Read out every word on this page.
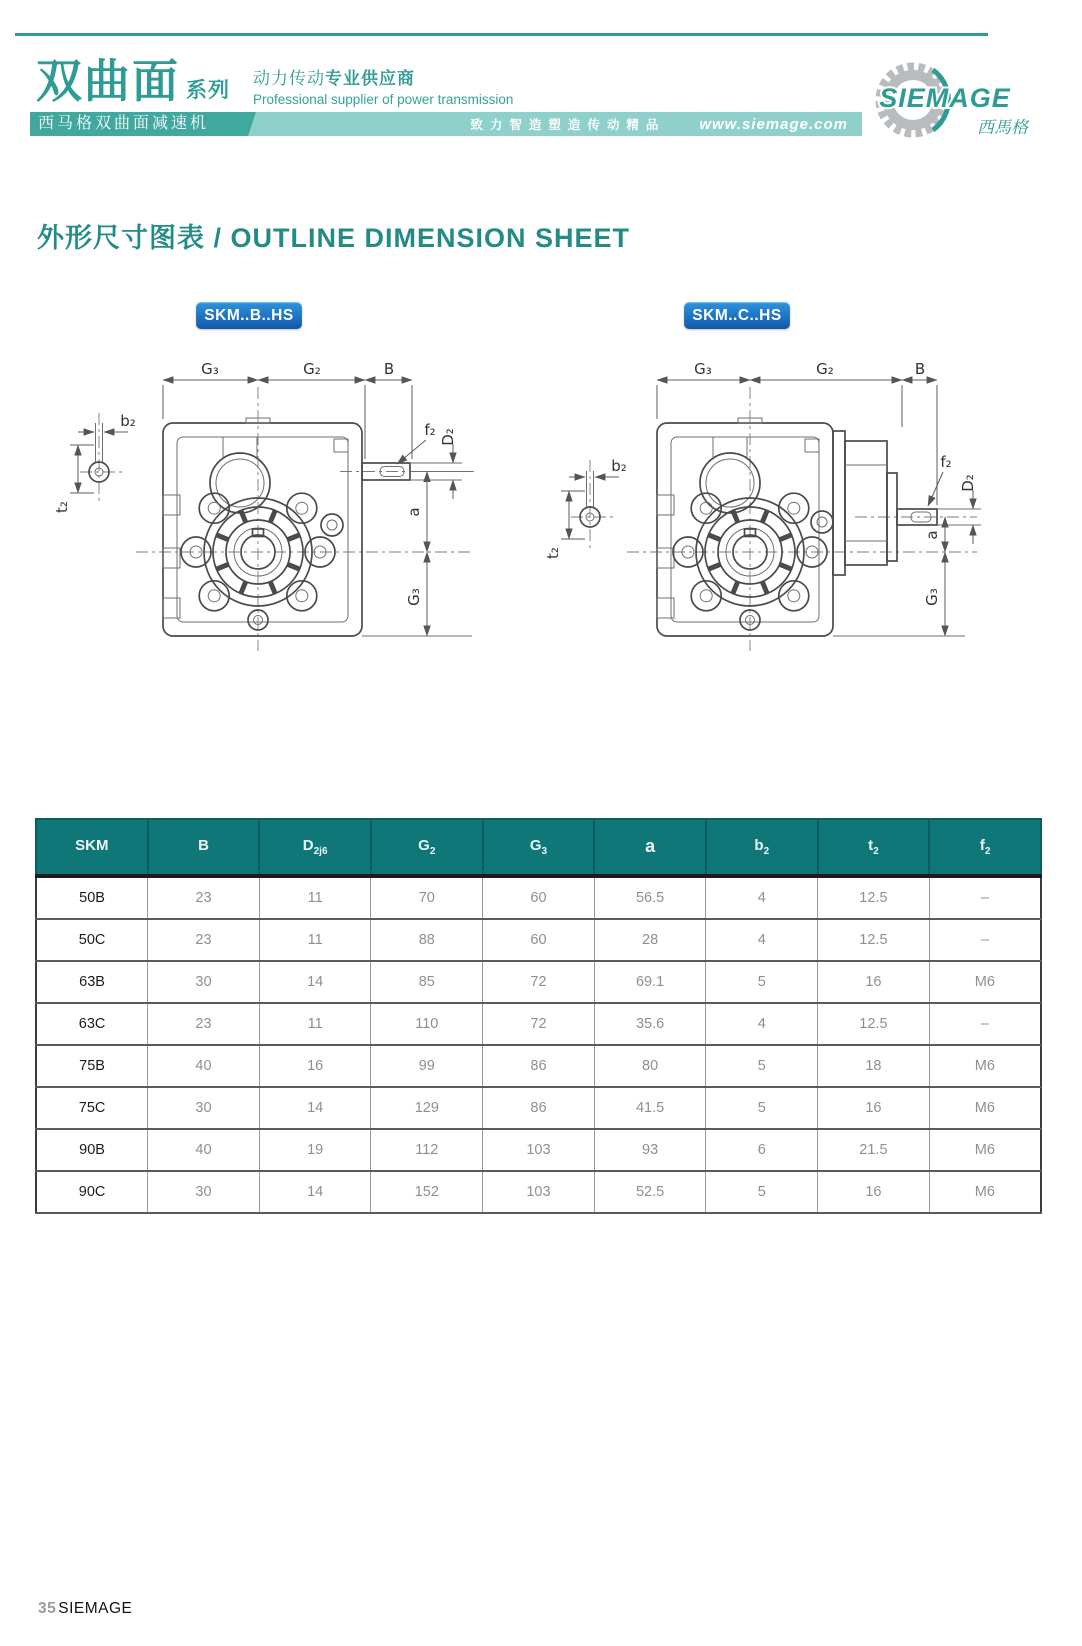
双曲面 系列
动力传动专业供应商
Professional supplier of power transmission
西马格双曲面减速机	致力智造塑造传动精品 www.siemage.com
SIEMAGE
西馬格
外形尺寸图表 / OUTLINE DIMENSION SHEET
SKM..B..HS	SKM..C..HS
G₃	G₂	B
b₂
t₂
f₂ D₂
a
G₃
G₃	G₂	B
b₂
t₂
f₂
D₂
a
G₃
SKM	B	$D_{2j6}$	$G_2$	$G_3$	a	$b_2$	$t_2$	$f_2$
50B	23	11	70	60	56.5	4	12.5	–
50C	23	11	88	60	28	4	12.5	–
63B	30	14	85	72	69.1	5	16	M6
63C	23	11	110	72	35.6	4	12.5	–
75B	40	16	99	86	80	5	18	M6
75C	30	14	129	86	41.5	5	16	M6
90B	40	19	112	103	93	6	21.5	M6
90C	30	14	152	103	52.5	5	16	M6
35 SIEMAGE
